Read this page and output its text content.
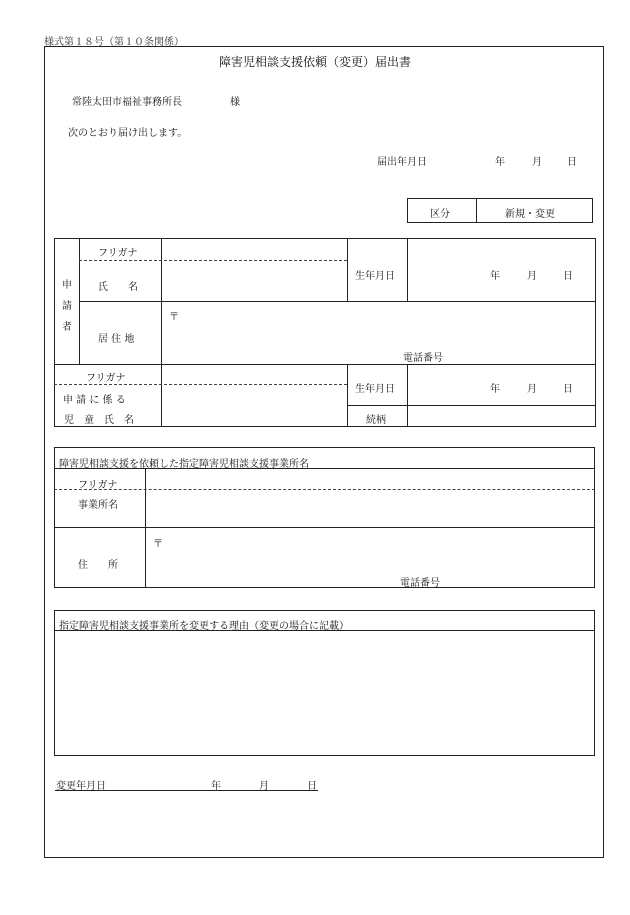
様式第１８号（第１０条関係）
障害児相談支援依頼（変更）届出書
常陸太田市福祉事務所長	様
次のとおり届け出します。
届出年月日	年	月	日
区分	新規・変更
申
請
者
フリガナ
氏　　名
生年月日	年	月	日
居 住 地
〒
電話番号
フリガナ
申 請 に 係 る
児　童　氏　名
生年月日	年	月	日
続柄
障害児相談支援を依頼した指定障害児相談支援事業所名
フリガナ
事業所名
住　　所
〒
電話番号
指定障害児相談支援事業所を変更する理由（変更の場合に記載）
変更年月日	年	月	日
